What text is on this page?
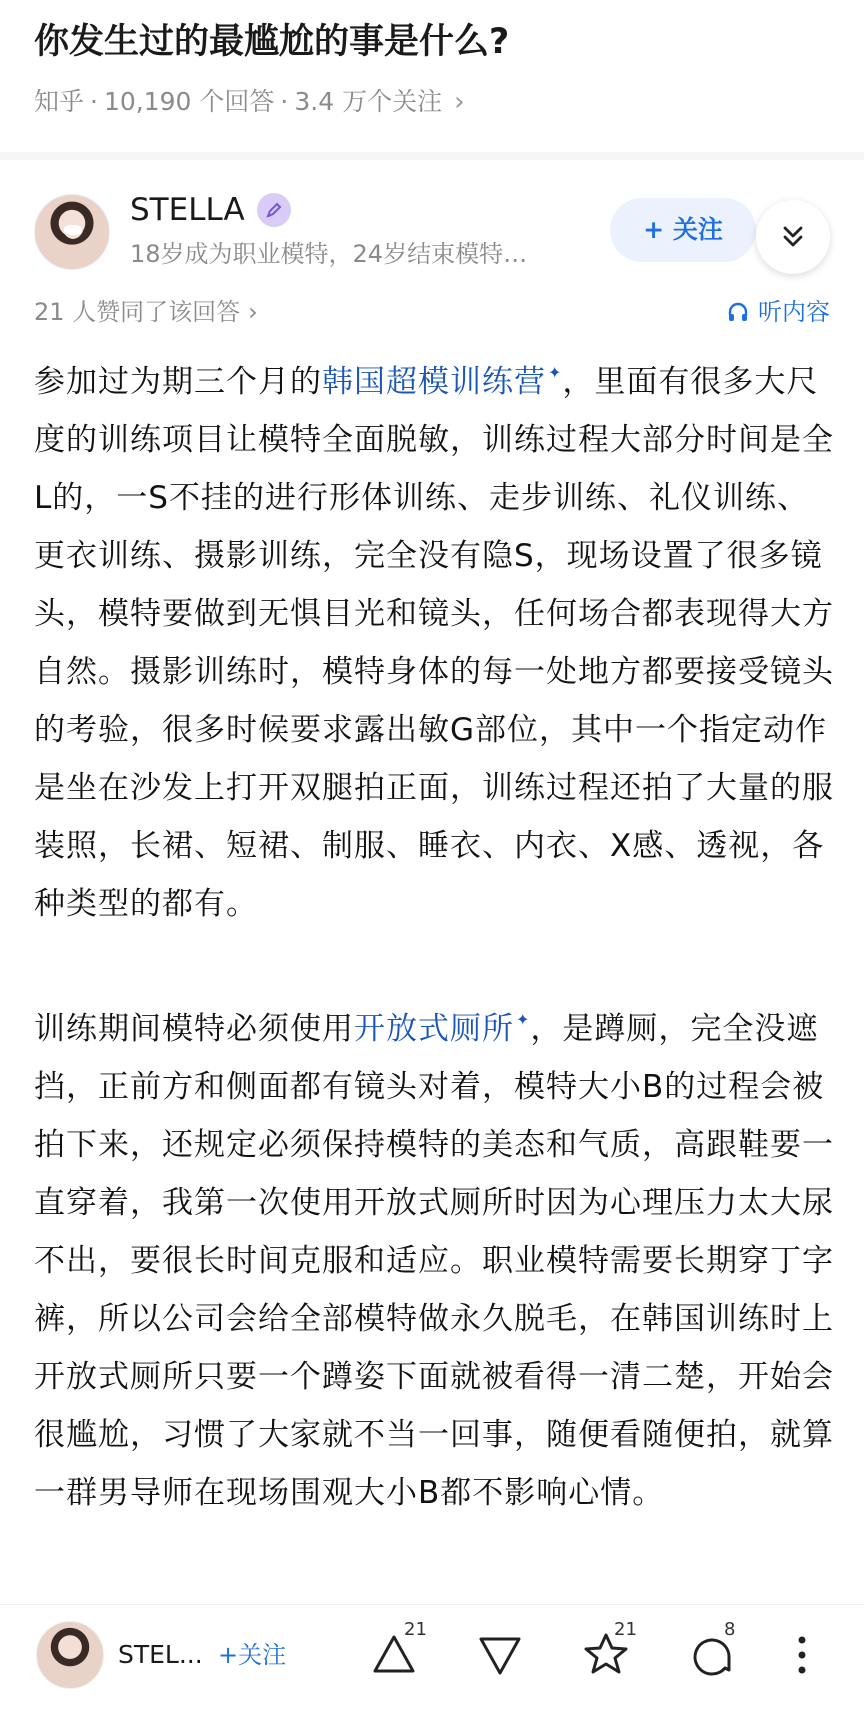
你发生过的最尴尬的事是什么?
知乎 · 10,190 个回答 · 3.4 万个关注 ›
STELLA
18岁成为职业模特，24岁结束模特…
+ 关注
21 人赞同了该回答 ›	听内容

参加过为期三个月的韩国超模训练营 ✦，里面有很多大尺度的训练项目让模特全面脱敏，训练过程大部分时间是全L的，一S不挂的进行形体训练、走步训练、礼仪训练、更衣训练、摄影训练，完全没有隐S，现场设置了很多镜头，模特要做到无惧目光和镜头，任何场合都表现得大方自然。摄影训练时，模特身体的每一处地方都要接受镜头的考验，很多时候要求露出敏G部位，其中一个指定动作是坐在沙发上打开双腿拍正面，训练过程还拍了大量的服装照，长裙、短裙、制服、睡衣、内衣、X感、透视，各种类型的都有。

训练期间模特必须使用开放式厕所 ✦，是蹲厕，完全没遮挡，正前方和侧面都有镜头对着，模特大小B的过程会被拍下来，还规定必须保持模特的美态和气质，高跟鞋要一直穿着，我第一次使用开放式厕所时因为心理压力太大尿不出，要很长时间克服和适应。职业模特需要长期穿丁字裤，所以公司会给全部模特做永久脱毛，在韩国训练时上开放式厕所只要一个蹲姿下面就被看得一清二楚，开始会很尴尬，习惯了大家就不当一回事，随便看随便拍，就算一群男导师在现场围观大小B都不影响心情。

STEL... +关注
21	21	8
